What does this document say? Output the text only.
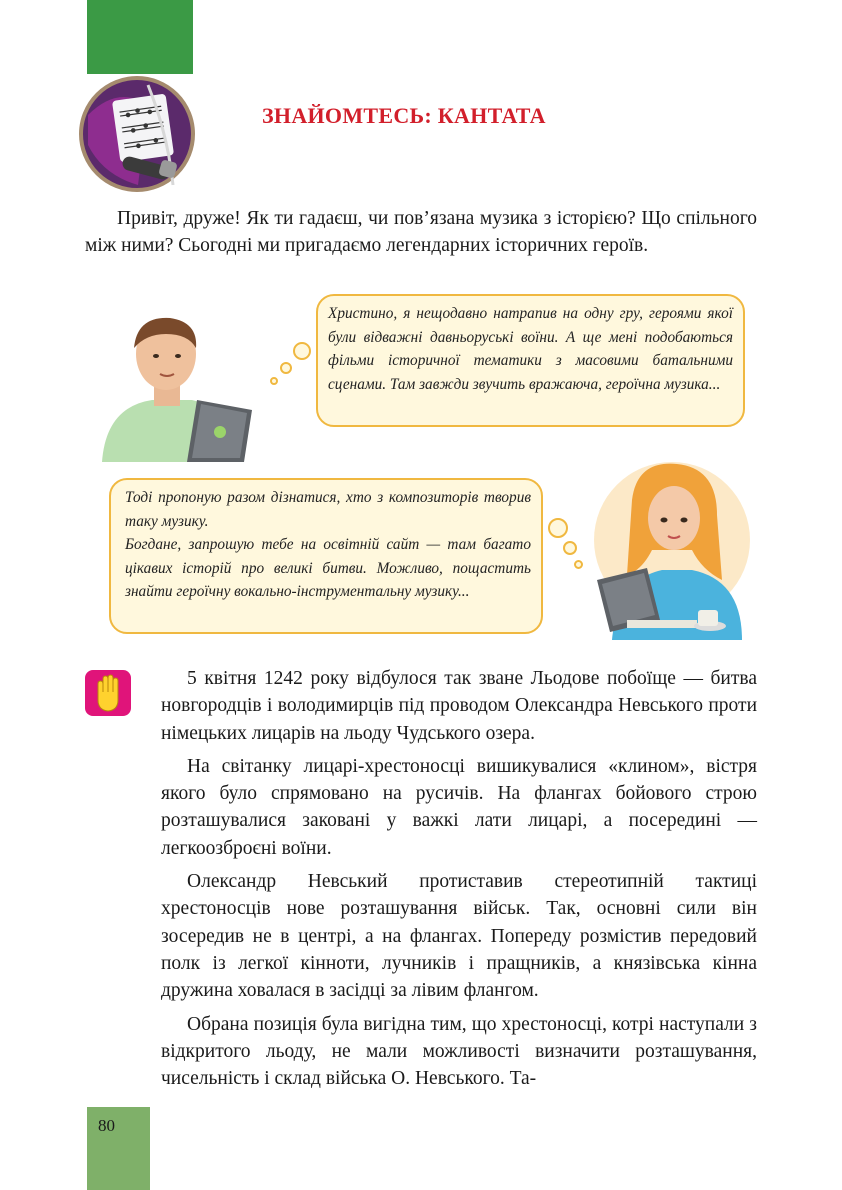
ЗНАЙОМТЕСЬ: КАНТАТА

Привіт, друже! Як ти гадаєш, чи пов’язана музика з історією? Що спільного між ними? Сьогодні ми пригадаємо легендарних історичних героїв.

Христино, я нещодавно натрапив на одну гру, героями якої були відважні давньоруські воїни. А ще мені подобаються фільми історичної тематики з масовими батальними сценами. Там завжди звучить вражаюча, героїчна музика...

Тоді пропоную разом дізнатися, хто з композиторів творив таку музику.

Богдане, запрошую тебе на освітній сайт — там багато цікавих історій про великі битви. Можливо, пощастить знайти героїчну вокально-інструментальну музику...

5 квітня 1242 року відбулося так зване Льодове побоїще — битва новгородців і володимирців під проводом Олександра Невського проти німецьких лицарів на льоду Чудського озера.

На світанку лицарі-хрестоносці вишикувалися «клином», вістря якого було спрямовано на русичів. На флангах бойового строю розташувалися заковані у важкі лати лицарі, а посередині — легкоозброєні воїни.

Олександр Невський протиставив стереотипній тактиці хрестоносців нове розташування військ. Так, основні сили він зосередив не в центрі, а на флангах. Попереду розмістив передовий полк із легкої кінноти, лучників і пращників, а князівська кінна дружина ховалася в засідці за лівим флангом.

Обрана позиція була вигідна тим, що хрестоносці, котрі наступали з відкритого льоду, не мали можливості визначити розташування, чисельність і склад війська О. Невського. Та-

80
